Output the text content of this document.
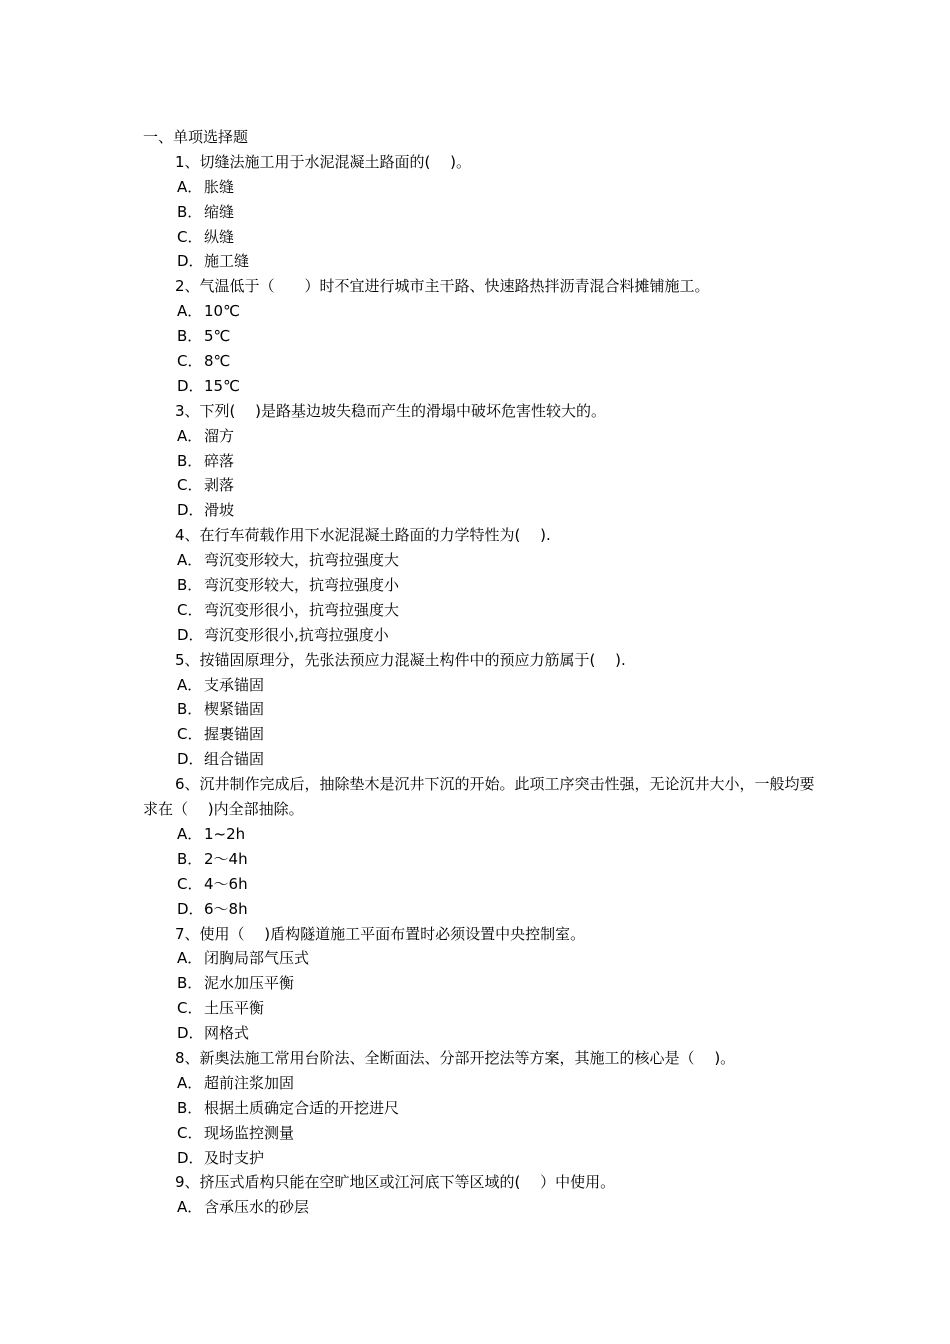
一、单项选择题
1、切缝法施工用于水泥混凝土路面的(　 )。
A． 胀缝
B． 缩缝
C． 纵缝
D．施工缝
2、气温低于（　　）时不宜进行城市主干路、快速路热拌沥青混合料摊铺施工。
A． 10℃
B． 5℃
C． 8℃
D．15℃
3、下列(　 )是路基边坡失稳而产生的滑塌中破坏危害性较大的。
A． 溜方
B． 碎落
C． 剥落
D．滑坡
4、在行车荷载作用下水泥混凝土路面的力学特性为(　 ).
A． 弯沉变形较大，抗弯拉强度大
B． 弯沉变形较大，抗弯拉强度小
C． 弯沉变形很小，抗弯拉强度大
D．弯沉变形很小,抗弯拉强度小
5、按锚固原理分，先张法预应力混凝土构件中的预应力筋属于(　 ).
A． 支承锚固
B． 楔紧锚固
C． 握裹锚固
D．组合锚固
6、沉井制作完成后，抽除垫木是沉井下沉的开始。此项工序突击性强，无论沉井大小，一般均要求在（　 )内全部抽除。
A． 1~2h
B． 2～4h
C． 4～6h
D．6～8h
7、使用（　 )盾构隧道施工平面布置时必须设置中央控制室。
A． 闭胸局部气压式
B． 泥水加压平衡
C． 土压平衡
D．网格式
8、新奥法施工常用台阶法、全断面法、分部开挖法等方案，其施工的核心是（　 )。
A． 超前注浆加固
B． 根据土质确定合适的开挖进尺
C． 现场监控测量
D．及时支护
9、挤压式盾构只能在空旷地区或江河底下等区域的(　 ）中使用。
A． 含承压水的砂层
